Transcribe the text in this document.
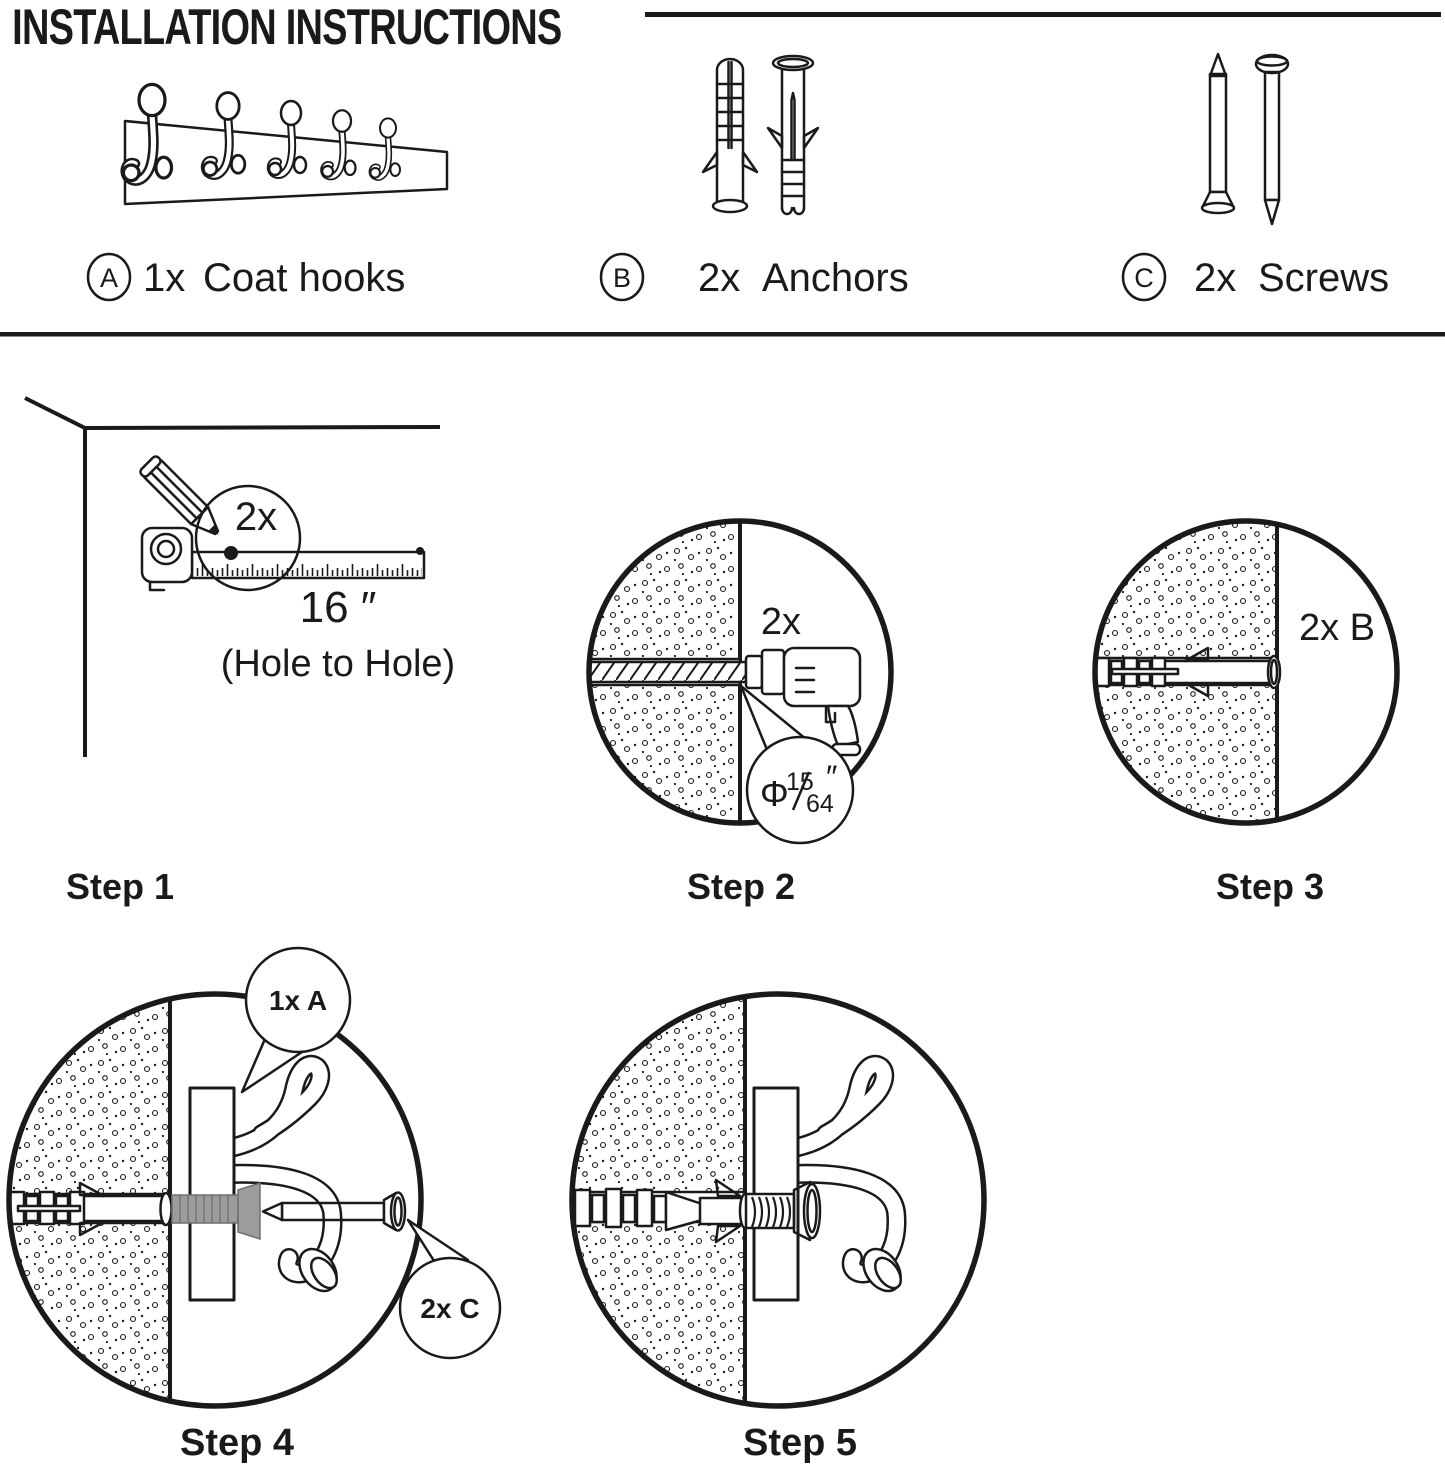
INSTALLATION INSTRUCTIONS
A 1x Coat hooks	B 2x Anchors	C 2x Screws
2x
16 ″
(Hole to Hole)
Step 1
2x
Φ
15
64
″
Step 2
2x B
Step 3
1x A
2x C
Step 4	Step 5
